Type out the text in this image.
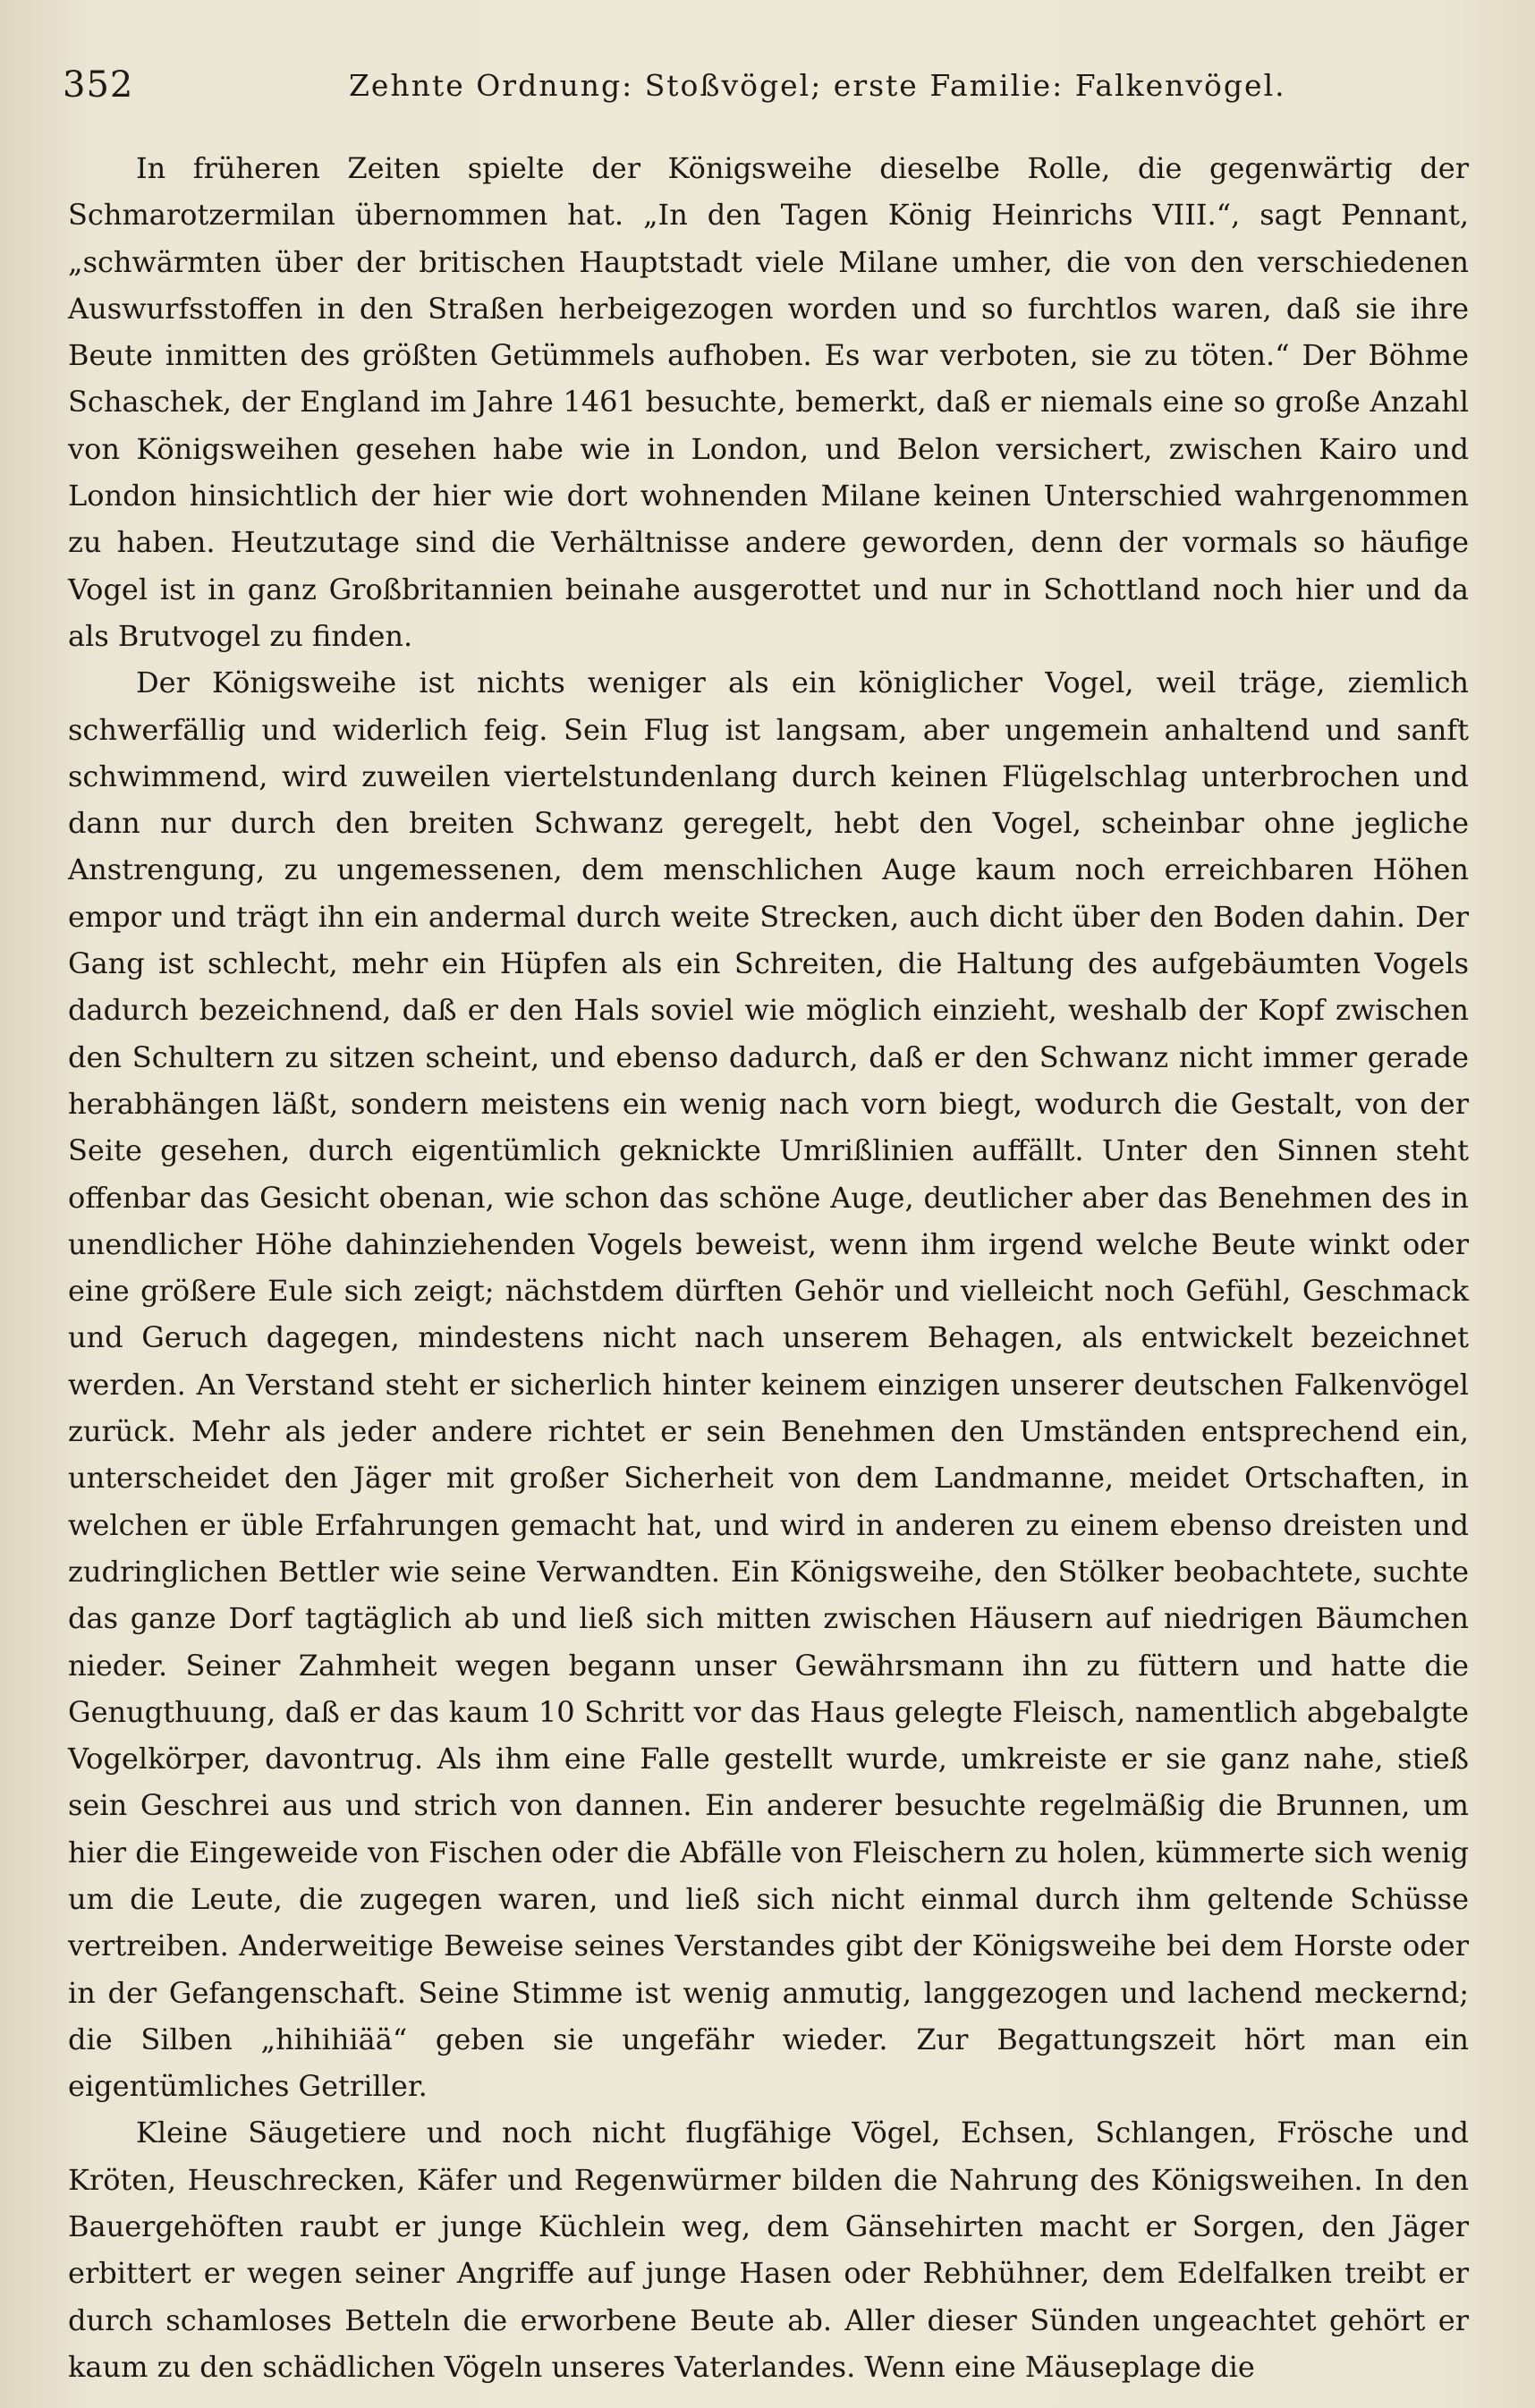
352	Zehnte Ordnung: Stoßvögel; erste Familie: Falkenvögel.

In früheren Zeiten spielte der Königsweihe dieselbe Rolle, die gegenwärtig der Schmarotzermilan übernommen hat. „In den Tagen König Heinrichs VIII.“, sagt Pennant, „schwärmten über der britischen Hauptstadt viele Milane umher, die von den verschiedenen Auswurfsstoffen in den Straßen herbeigezogen worden und so furchtlos waren, daß sie ihre Beute inmitten des größten Getümmels aufhoben. Es war verboten, sie zu töten.“ Der Böhme Schaschek, der England im Jahre 1461 besuchte, bemerkt, daß er niemals eine so große Anzahl von Königsweihen gesehen habe wie in London, und Belon versichert, zwischen Kairo und London hinsichtlich der hier wie dort wohnenden Milane keinen Unterschied wahrgenommen zu haben. Heutzutage sind die Verhältnisse andere geworden, denn der vormals so häufige Vogel ist in ganz Großbritannien beinahe ausgerottet und nur in Schottland noch hier und da als Brutvogel zu finden.

Der Königsweihe ist nichts weniger als ein königlicher Vogel, weil träge, ziemlich schwerfällig und widerlich feig. Sein Flug ist langsam, aber ungemein anhaltend und sanft schwimmend, wird zuweilen viertelstundenlang durch keinen Flügelschlag unterbrochen und dann nur durch den breiten Schwanz geregelt, hebt den Vogel, scheinbar ohne jegliche Anstrengung, zu ungemessenen, dem menschlichen Auge kaum noch erreichbaren Höhen empor und trägt ihn ein andermal durch weite Strecken, auch dicht über den Boden dahin. Der Gang ist schlecht, mehr ein Hüpfen als ein Schreiten, die Haltung des aufgebäumten Vogels dadurch bezeichnend, daß er den Hals soviel wie möglich einzieht, weshalb der Kopf zwischen den Schultern zu sitzen scheint, und ebenso dadurch, daß er den Schwanz nicht immer gerade herabhängen läßt, sondern meistens ein wenig nach vorn biegt, wodurch die Gestalt, von der Seite gesehen, durch eigentümlich geknickte Umrißlinien auffällt. Unter den Sinnen steht offenbar das Gesicht obenan, wie schon das schöne Auge, deutlicher aber das Benehmen des in unendlicher Höhe dahinziehenden Vogels beweist, wenn ihm irgend welche Beute winkt oder eine größere Eule sich zeigt; nächstdem dürften Gehör und vielleicht noch Gefühl, Geschmack und Geruch dagegen, mindestens nicht nach unserem Behagen, als entwickelt bezeichnet werden. An Verstand steht er sicherlich hinter keinem einzigen unserer deutschen Falkenvögel zurück. Mehr als jeder andere richtet er sein Benehmen den Umständen entsprechend ein, unterscheidet den Jäger mit großer Sicherheit von dem Landmanne, meidet Ortschaften, in welchen er üble Erfahrungen gemacht hat, und wird in anderen zu einem ebenso dreisten und zudringlichen Bettler wie seine Verwandten. Ein Königsweihe, den Stölker beobachtete, suchte das ganze Dorf tagtäglich ab und ließ sich mitten zwischen Häusern auf niedrigen Bäumchen nieder. Seiner Zahmheit wegen begann unser Gewährsmann ihn zu füttern und hatte die Genugthuung, daß er das kaum 10 Schritt vor das Haus gelegte Fleisch, namentlich abgebalgte Vogelkörper, davontrug. Als ihm eine Falle gestellt wurde, umkreiste er sie ganz nahe, stieß sein Geschrei aus und strich von dannen. Ein anderer besuchte regelmäßig die Brunnen, um hier die Eingeweide von Fischen oder die Abfälle von Fleischern zu holen, kümmerte sich wenig um die Leute, die zugegen waren, und ließ sich nicht einmal durch ihm geltende Schüsse vertreiben. Anderweitige Beweise seines Verstandes gibt der Königsweihe bei dem Horste oder in der Gefangenschaft. Seine Stimme ist wenig anmutig, langgezogen und lachend meckernd; die Silben „hihihiää“ geben sie ungefähr wieder. Zur Begattungszeit hört man ein eigentümliches Getriller.

Kleine Säugetiere und noch nicht flugfähige Vögel, Echsen, Schlangen, Frösche und Kröten, Heuschrecken, Käfer und Regenwürmer bilden die Nahrung des Königsweihen. In den Bauergehöften raubt er junge Küchlein weg, dem Gänsehirten macht er Sorgen, den Jäger erbittert er wegen seiner Angriffe auf junge Hasen oder Rebhühner, dem Edelfalken treibt er durch schamloses Betteln die erworbene Beute ab. Aller dieser Sünden ungeachtet gehört er kaum zu den schädlichen Vögeln unseres Vaterlandes. Wenn eine Mäuseplage die
